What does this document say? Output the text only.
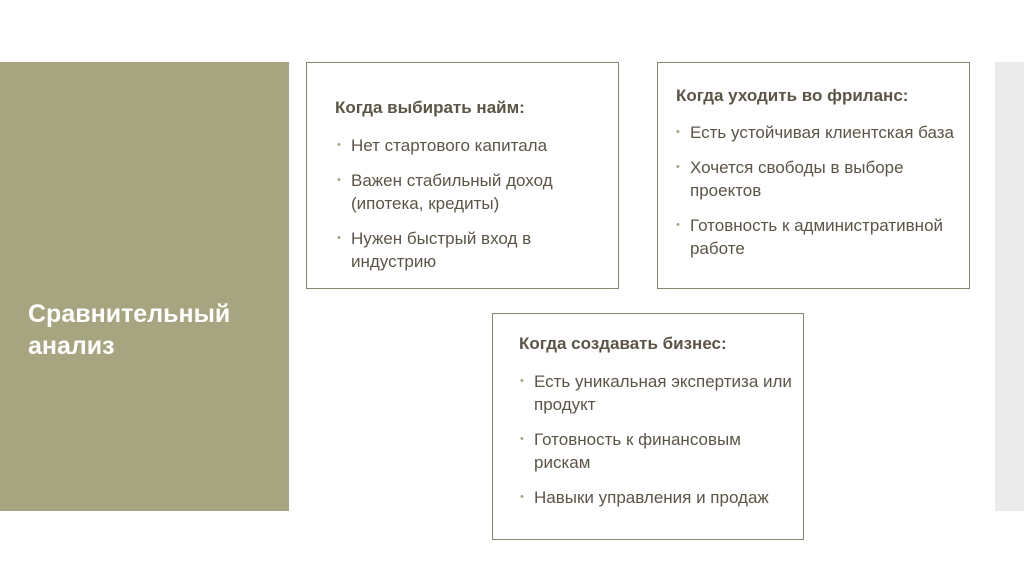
Сравнительный анализ
Когда выбирать найм:
• Нет стартового капитала
• Важен стабильный доход (ипотека, кредиты)
• Нужен быстрый вход в индустрию
Когда уходить во фриланс:
• Есть устойчивая клиентская база
• Хочется свободы в выборе проектов
• Готовность к административной работе
Когда создавать бизнес:
• Есть уникальная экспертиза или продукт
• Готовность к финансовым рискам
• Навыки управления и продаж
